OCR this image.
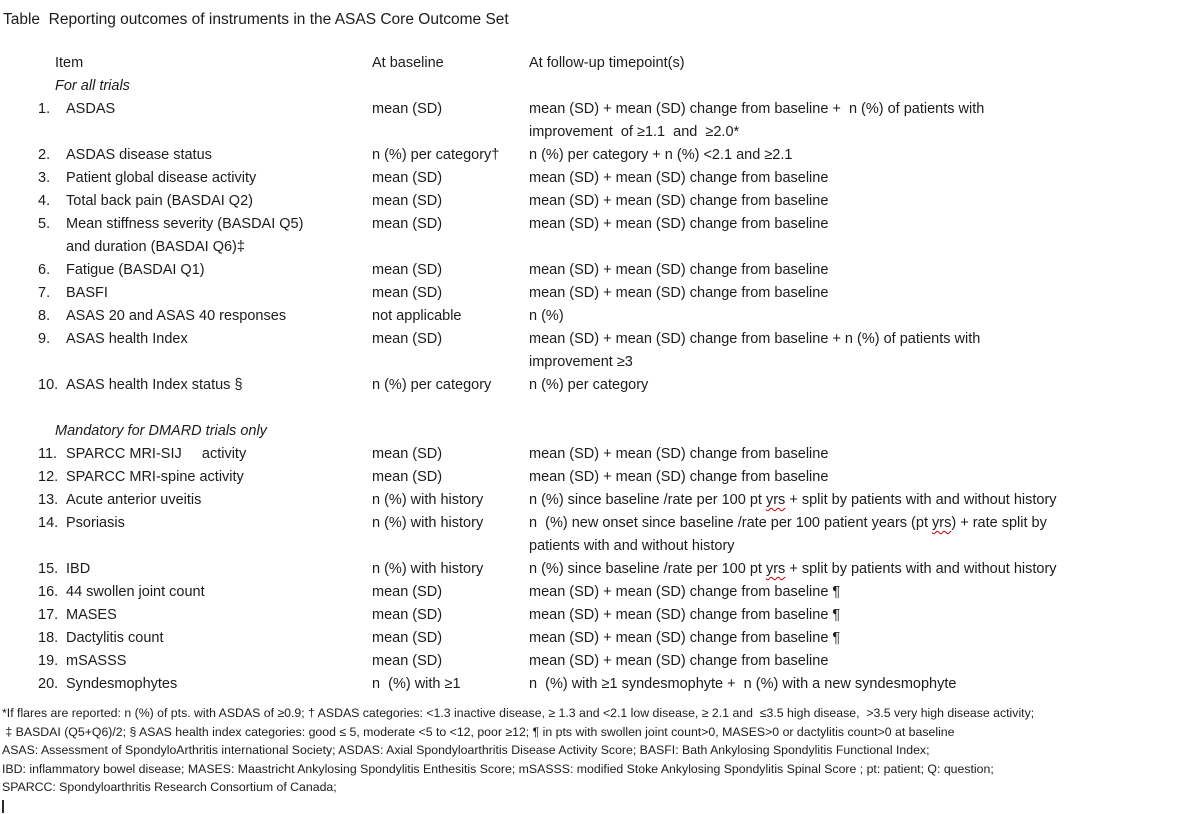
Table  Reporting outcomes of instruments in the ASAS Core Outcome Set
Item	At baseline	At follow-up timepoint(s)
For all trials
1.	ASDAS	mean (SD)	mean (SD) + mean (SD) change from baseline +  n (%) of patients with
improvement  of ≥1.1  and  ≥2.0*
2.	ASDAS disease status	n (%) per category†	n (%) per category + n (%) <2.1 and ≥2.1
3.	Patient global disease activity	mean (SD)	mean (SD) + mean (SD) change from baseline
4.	Total back pain (BASDAI Q2)	mean (SD)	mean (SD) + mean (SD) change from baseline
5.	Mean stiffness severity (BASDAI Q5)
and duration (BASDAI Q6)‡
mean (SD)	mean (SD) + mean (SD) change from baseline
6.	Fatigue (BASDAI Q1)	mean (SD)	mean (SD) + mean (SD) change from baseline
7.	BASFI	mean (SD)	mean (SD) + mean (SD) change from baseline
8.	ASAS 20 and ASAS 40 responses	not applicable	n (%)
9.	ASAS health Index	mean (SD)	mean (SD) + mean (SD) change from baseline + n (%) of patients with
improvement ≥3
10. ASAS health Index status §	n (%) per category	n (%) per category
Mandatory for DMARD trials only
11. SPARCC MRI-SIJ     activity	mean (SD)	mean (SD) + mean (SD) change from baseline
12. SPARCC MRI-spine activity	mean (SD)	mean (SD) + mean (SD) change from baseline
13. Acute anterior uveitis	n (%) with history	n (%) since baseline /rate per 100 pt yrs + split by patients with and without history
14. Psoriasis	n (%) with history	n  (%) new onset since baseline /rate per 100 patient years (pt yrs) + rate split by
patients with and without history
15. IBD	n (%) with history	n (%) since baseline /rate per 100 pt yrs + split by patients with and without history
16. 44 swollen joint count	mean (SD)	mean (SD) + mean (SD) change from baseline ¶
17. MASES	mean (SD)	mean (SD) + mean (SD) change from baseline ¶
18. Dactylitis count	mean (SD)	mean (SD) + mean (SD) change from baseline ¶
19. mSASSS	mean (SD)	mean (SD) + mean (SD) change from baseline
20. Syndesmophytes	n  (%) with ≥1	n  (%) with ≥1 syndesmophyte +  n (%) with a new syndesmophyte
*If flares are reported: n (%) of pts. with ASDAS of ≥0.9; † ASDAS categories: <1.3 inactive disease, ≥ 1.3 and <2.1 low disease, ≥ 2.1 and  ≤3.5 high disease,  >3.5 very high disease activity;
‡ BASDAI (Q5+Q6)/2; § ASAS health index categories: good ≤ 5, moderate <5 to <12, poor ≥12; ¶ in pts with swollen joint count>0, MASES>0 or dactylitis count>0 at baseline
ASAS: Assessment of SpondyloArthritis international Society; ASDAS: Axial Spondyloarthritis Disease Activity Score; BASFI: Bath Ankylosing Spondylitis Functional Index;
IBD: inflammatory bowel disease; MASES: Maastricht Ankylosing Spondylitis Enthesitis Score; mSASSS: modified Stoke Ankylosing Spondylitis Spinal Score ; pt: patient; Q: question;
SPARCC: Spondyloarthritis Research Consortium of Canada;
